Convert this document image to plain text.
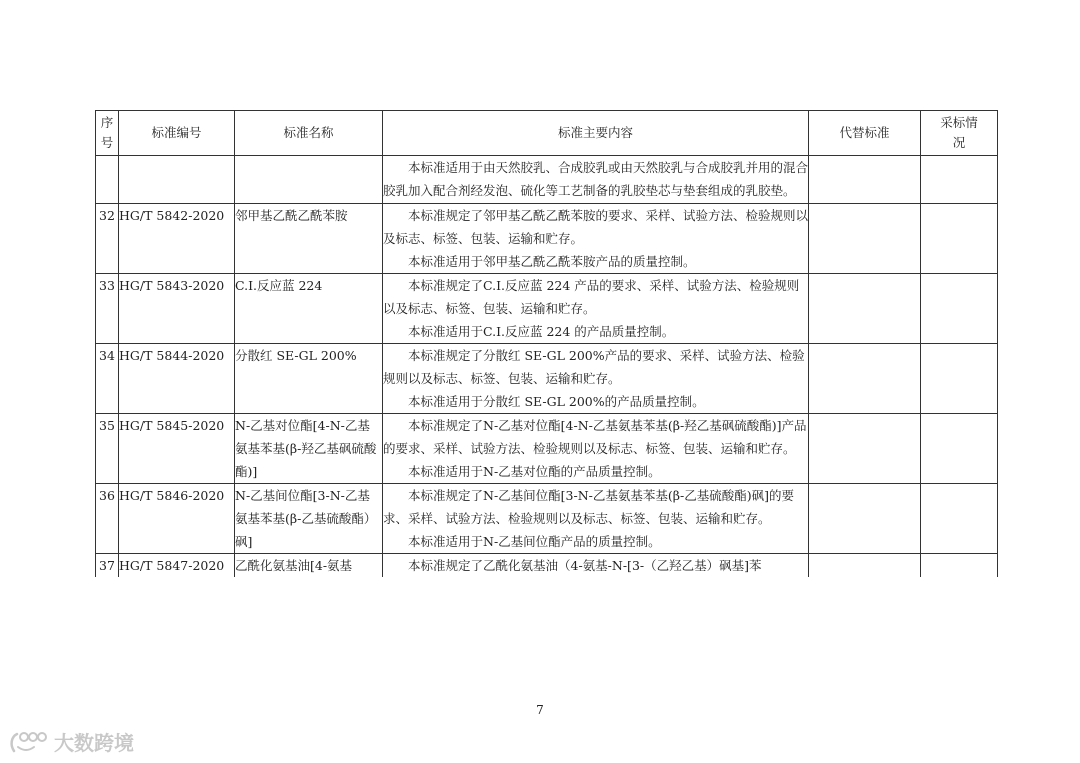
序号	标准编号	标准名称	标准主要内容	代替标准	采标情况

			本标准适用于由天然胶乳、合成胶乳或由天然胶乳与合成胶乳并用的混合胶乳加入配合剂经发泡、硫化等工艺制备的乳胶垫芯与垫套组成的乳胶垫。		

32	HG/T 5842-2020	邻甲基乙酰乙酰苯胺	本标准规定了邻甲基乙酰乙酰苯胺的要求、采样、试验方法、检验规则以及标志、标签、包装、运输和贮存。
本标准适用于邻甲基乙酰乙酰苯胺产品的质量控制。		

33	HG/T 5843-2020	C.I.反应蓝 224	本标准规定了C.I.反应蓝 224 产品的要求、采样、试验方法、检验规则以及标志、标签、包装、运输和贮存。
本标准适用于C.I.反应蓝 224 的产品质量控制。		

34	HG/T 5844-2020	分散红 SE-GL 200%	本标准规定了分散红 SE-GL 200%产品的要求、采样、试验方法、检验规则以及标志、标签、包装、运输和贮存。
本标准适用于分散红 SE-GL 200%的产品质量控制。		

35	HG/T 5845-2020	N-乙基对位酯[4-N-乙基氨基苯基(β-羟乙基砜硫酸酯)]	本标准规定了N-乙基对位酯[4-N-乙基氨基苯基(β-羟乙基砜硫酸酯)]产品的要求、采样、试验方法、检验规则以及标志、标签、包装、运输和贮存。
本标准适用于N-乙基对位酯的产品质量控制。		

36	HG/T 5846-2020	N-乙基间位酯[3-N-乙基氨基苯基(β-乙基硫酸酯）砜]	本标准规定了N-乙基间位酯[3-N-乙基氨基苯基(β-乙基硫酸酯)砜]的要求、采样、试验方法、检验规则以及标志、标签、包装、运输和贮存。
本标准适用于N-乙基间位酯产品的质量控制。		

37	HG/T 5847-2020	乙酰化氨基油[4-氨基	本标准规定了乙酰化氨基油（4-氨基-N-[3-（乙羟乙基）砜基]苯		

7
大数跨境
